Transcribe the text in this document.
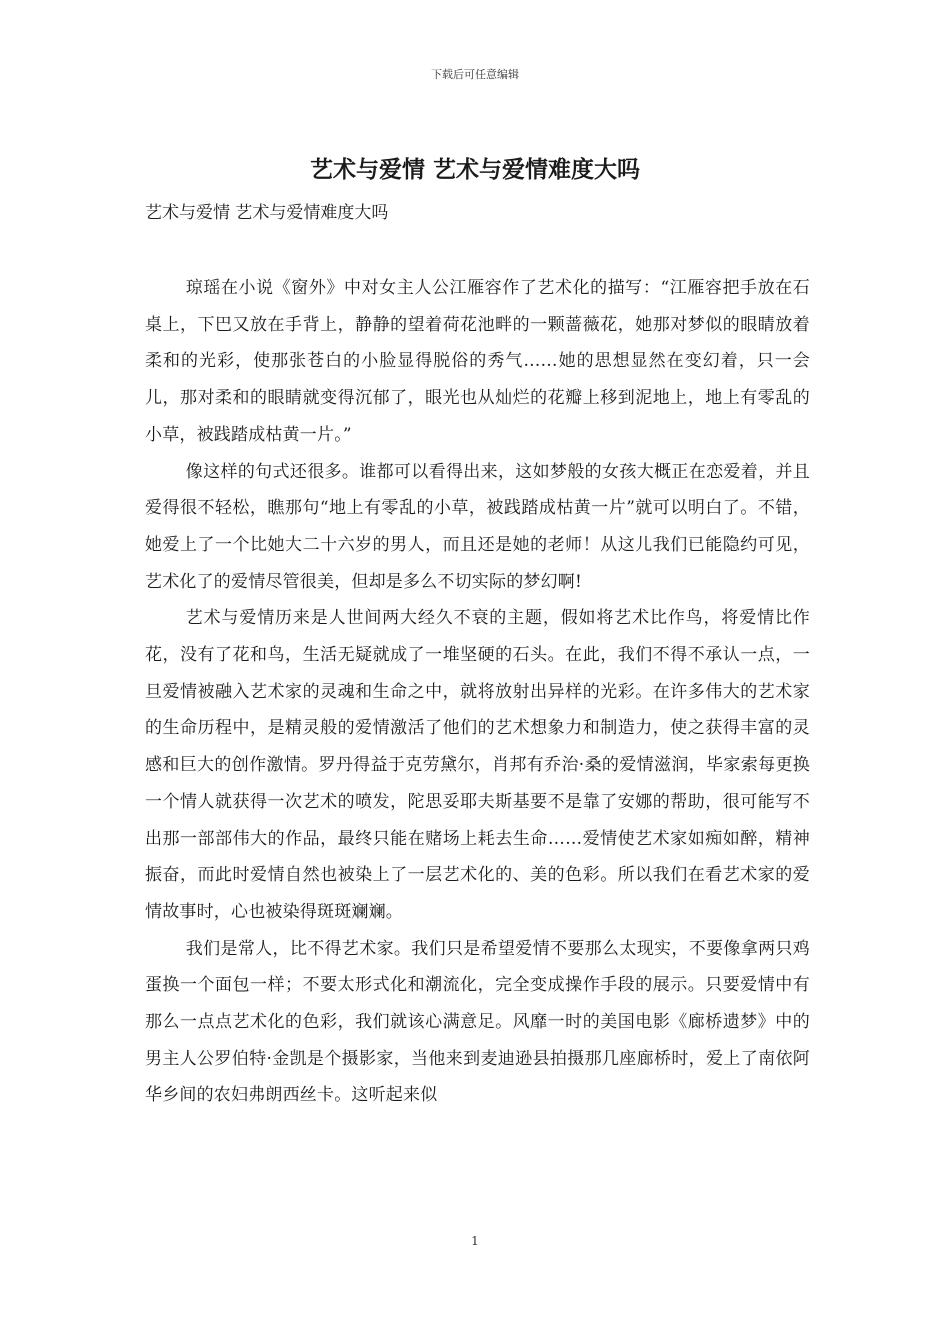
下载后可任意编辑
艺术与爱情 艺术与爱情难度大吗

艺术与爱情 艺术与爱情难度大吗

琼瑶在小说《窗外》中对女主人公江雁容作了艺术化的描写：“江雁容把手放在石桌上，下巴又放在手背上，静静的望着荷花池畔的一颗蔷薇花，她那对梦似的眼睛放着柔和的光彩，使那张苍白的小脸显得脱俗的秀气……她的思想显然在变幻着，只一会儿，那对柔和的眼睛就变得沉郁了，眼光也从灿烂的花瓣上移到泥地上，地上有零乱的小草，被践踏成枯黄一片。”

像这样的句式还很多。谁都可以看得出来，这如梦般的女孩大概正在恋爱着，并且爱得很不轻松，瞧那句“地上有零乱的小草，被践踏成枯黄一片”就可以明白了。不错，她爱上了一个比她大二十六岁的男人，而且还是她的老师！从这儿我们已能隐约可见，艺术化了的爱情尽管很美，但却是多么不切实际的梦幻啊!

艺术与爱情历来是人世间两大经久不衰的主题，假如将艺术比作鸟，将爱情比作花，没有了花和鸟，生活无疑就成了一堆坚硬的石头。在此，我们不得不承认一点，一旦爱情被融入艺术家的灵魂和生命之中，就将放射出异样的光彩。在许多伟大的艺术家的生命历程中，是精灵般的爱情激活了他们的艺术想象力和制造力，使之获得丰富的灵感和巨大的创作激情。罗丹得益于克劳黛尔，肖邦有乔治·桑的爱情滋润，毕家索每更换一个情人就获得一次艺术的喷发，陀思妥耶夫斯基要不是靠了安娜的帮助，很可能写不出那一部部伟大的作品，最终只能在赌场上耗去生命……爱情使艺术家如痴如醉，精神振奋，而此时爱情自然也被染上了一层艺术化的、美的色彩。所以我们在看艺术家的爱情故事时，心也被染得斑斑斓斓。

我们是常人，比不得艺术家。我们只是希望爱情不要那么太现实，不要像拿两只鸡蛋换一个面包一样；不要太形式化和潮流化，完全变成操作手段的展示。只要爱情中有那么一点点艺术化的色彩，我们就该心满意足。风靡一时的美国电影《廊桥遗梦》中的男主人公罗伯特·金凯是个摄影家，当他来到麦迪逊县拍摄那几座廊桥时，爱上了南依阿华乡间的农妇弗朗西丝卡。这听起来似

1
